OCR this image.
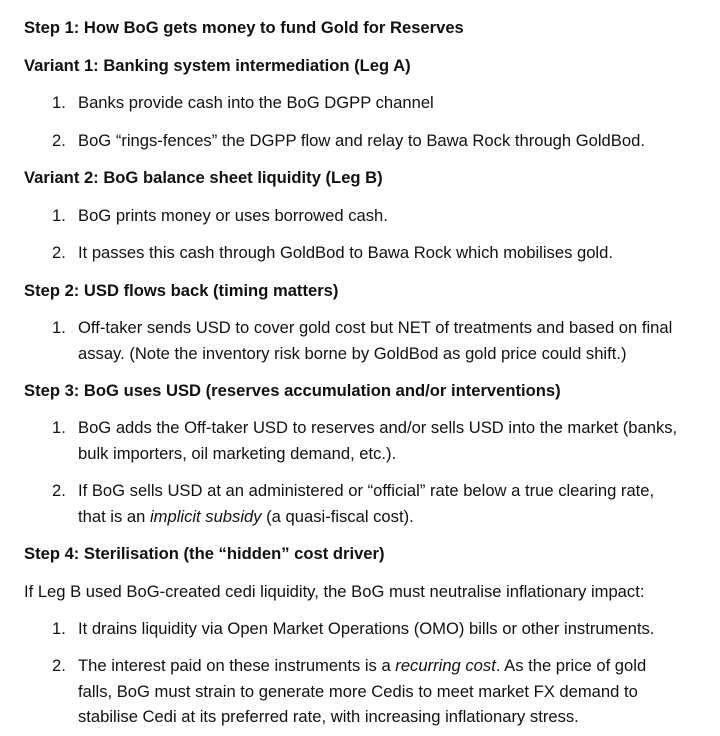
Step 1: How BoG gets money to fund Gold for Reserves
Variant 1: Banking system intermediation (Leg A)
1. Banks provide cash into the BoG DGPP channel
2. BoG “rings-fences” the DGPP flow and relay to Bawa Rock through GoldBod.
Variant 2: BoG balance sheet liquidity (Leg B)
1. BoG prints money or uses borrowed cash.
2. It passes this cash through GoldBod to Bawa Rock which mobilises gold.
Step 2: USD flows back (timing matters)
1. Off-taker sends USD to cover gold cost but NET of treatments and based on final
assay. (Note the inventory risk borne by GoldBod as gold price could shift.)
Step 3: BoG uses USD (reserves accumulation and/or interventions)
1. BoG adds the Off-taker USD to reserves and/or sells USD into the market (banks,
bulk importers, oil marketing demand, etc.).
2. If BoG sells USD at an administered or “official” rate below a true clearing rate,
that is an implicit subsidy (a quasi-fiscal cost).
Step 4: Sterilisation (the “hidden” cost driver)
If Leg B used BoG-created cedi liquidity, the BoG must neutralise inflationary impact:
1. It drains liquidity via Open Market Operations (OMO) bills or other instruments.
2. The interest paid on these instruments is a recurring cost. As the price of gold
falls, BoG must strain to generate more Cedis to meet market FX demand to
stabilise Cedi at its preferred rate, with increasing inflationary stress.
